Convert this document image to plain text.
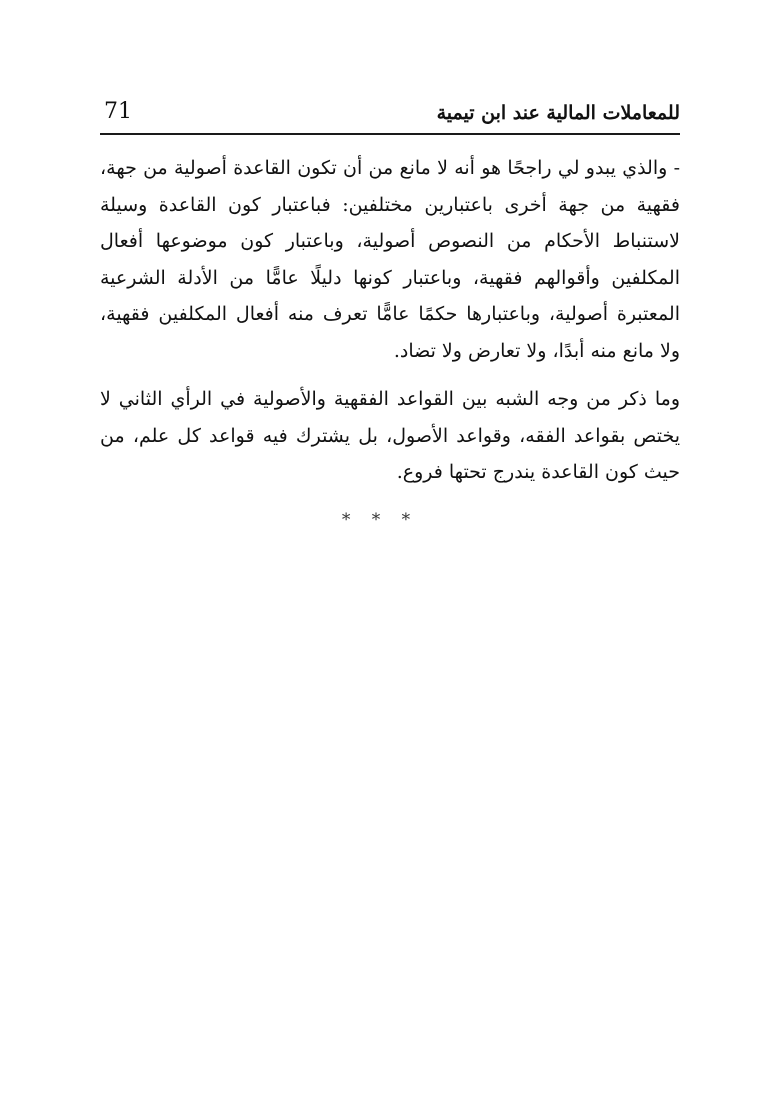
71	للمعاملات المالية عند ابن تيمية

- والذي يبدو لي راجحًا هو أنه لا مانع من أن تكون القاعدة أصولية من جهة، فقهية من جهة أخرى باعتبارين مختلفين: فباعتبار كون القاعدة وسيلة لاستنباط الأحكام من النصوص أصولية، وباعتبار كون موضوعها أفعال المكلفين وأقوالهم فقهية، وباعتبار كونها دليلًا عامًّا من الأدلة الشرعية المعتبرة أصولية، وباعتبارها حكمًا عامًّا تعرف منه أفعال المكلفين فقهية، ولا مانع منه أبدًا، ولا تعارض ولا تضاد.

وما ذكر من وجه الشبه بين القواعد الفقهية والأصولية في الرأي الثاني لا يختص بقواعد الفقه، وقواعد الأصول، بل يشترك فيه قواعد كل علم، من حيث كون القاعدة يندرج تحتها فروع.

* * *
